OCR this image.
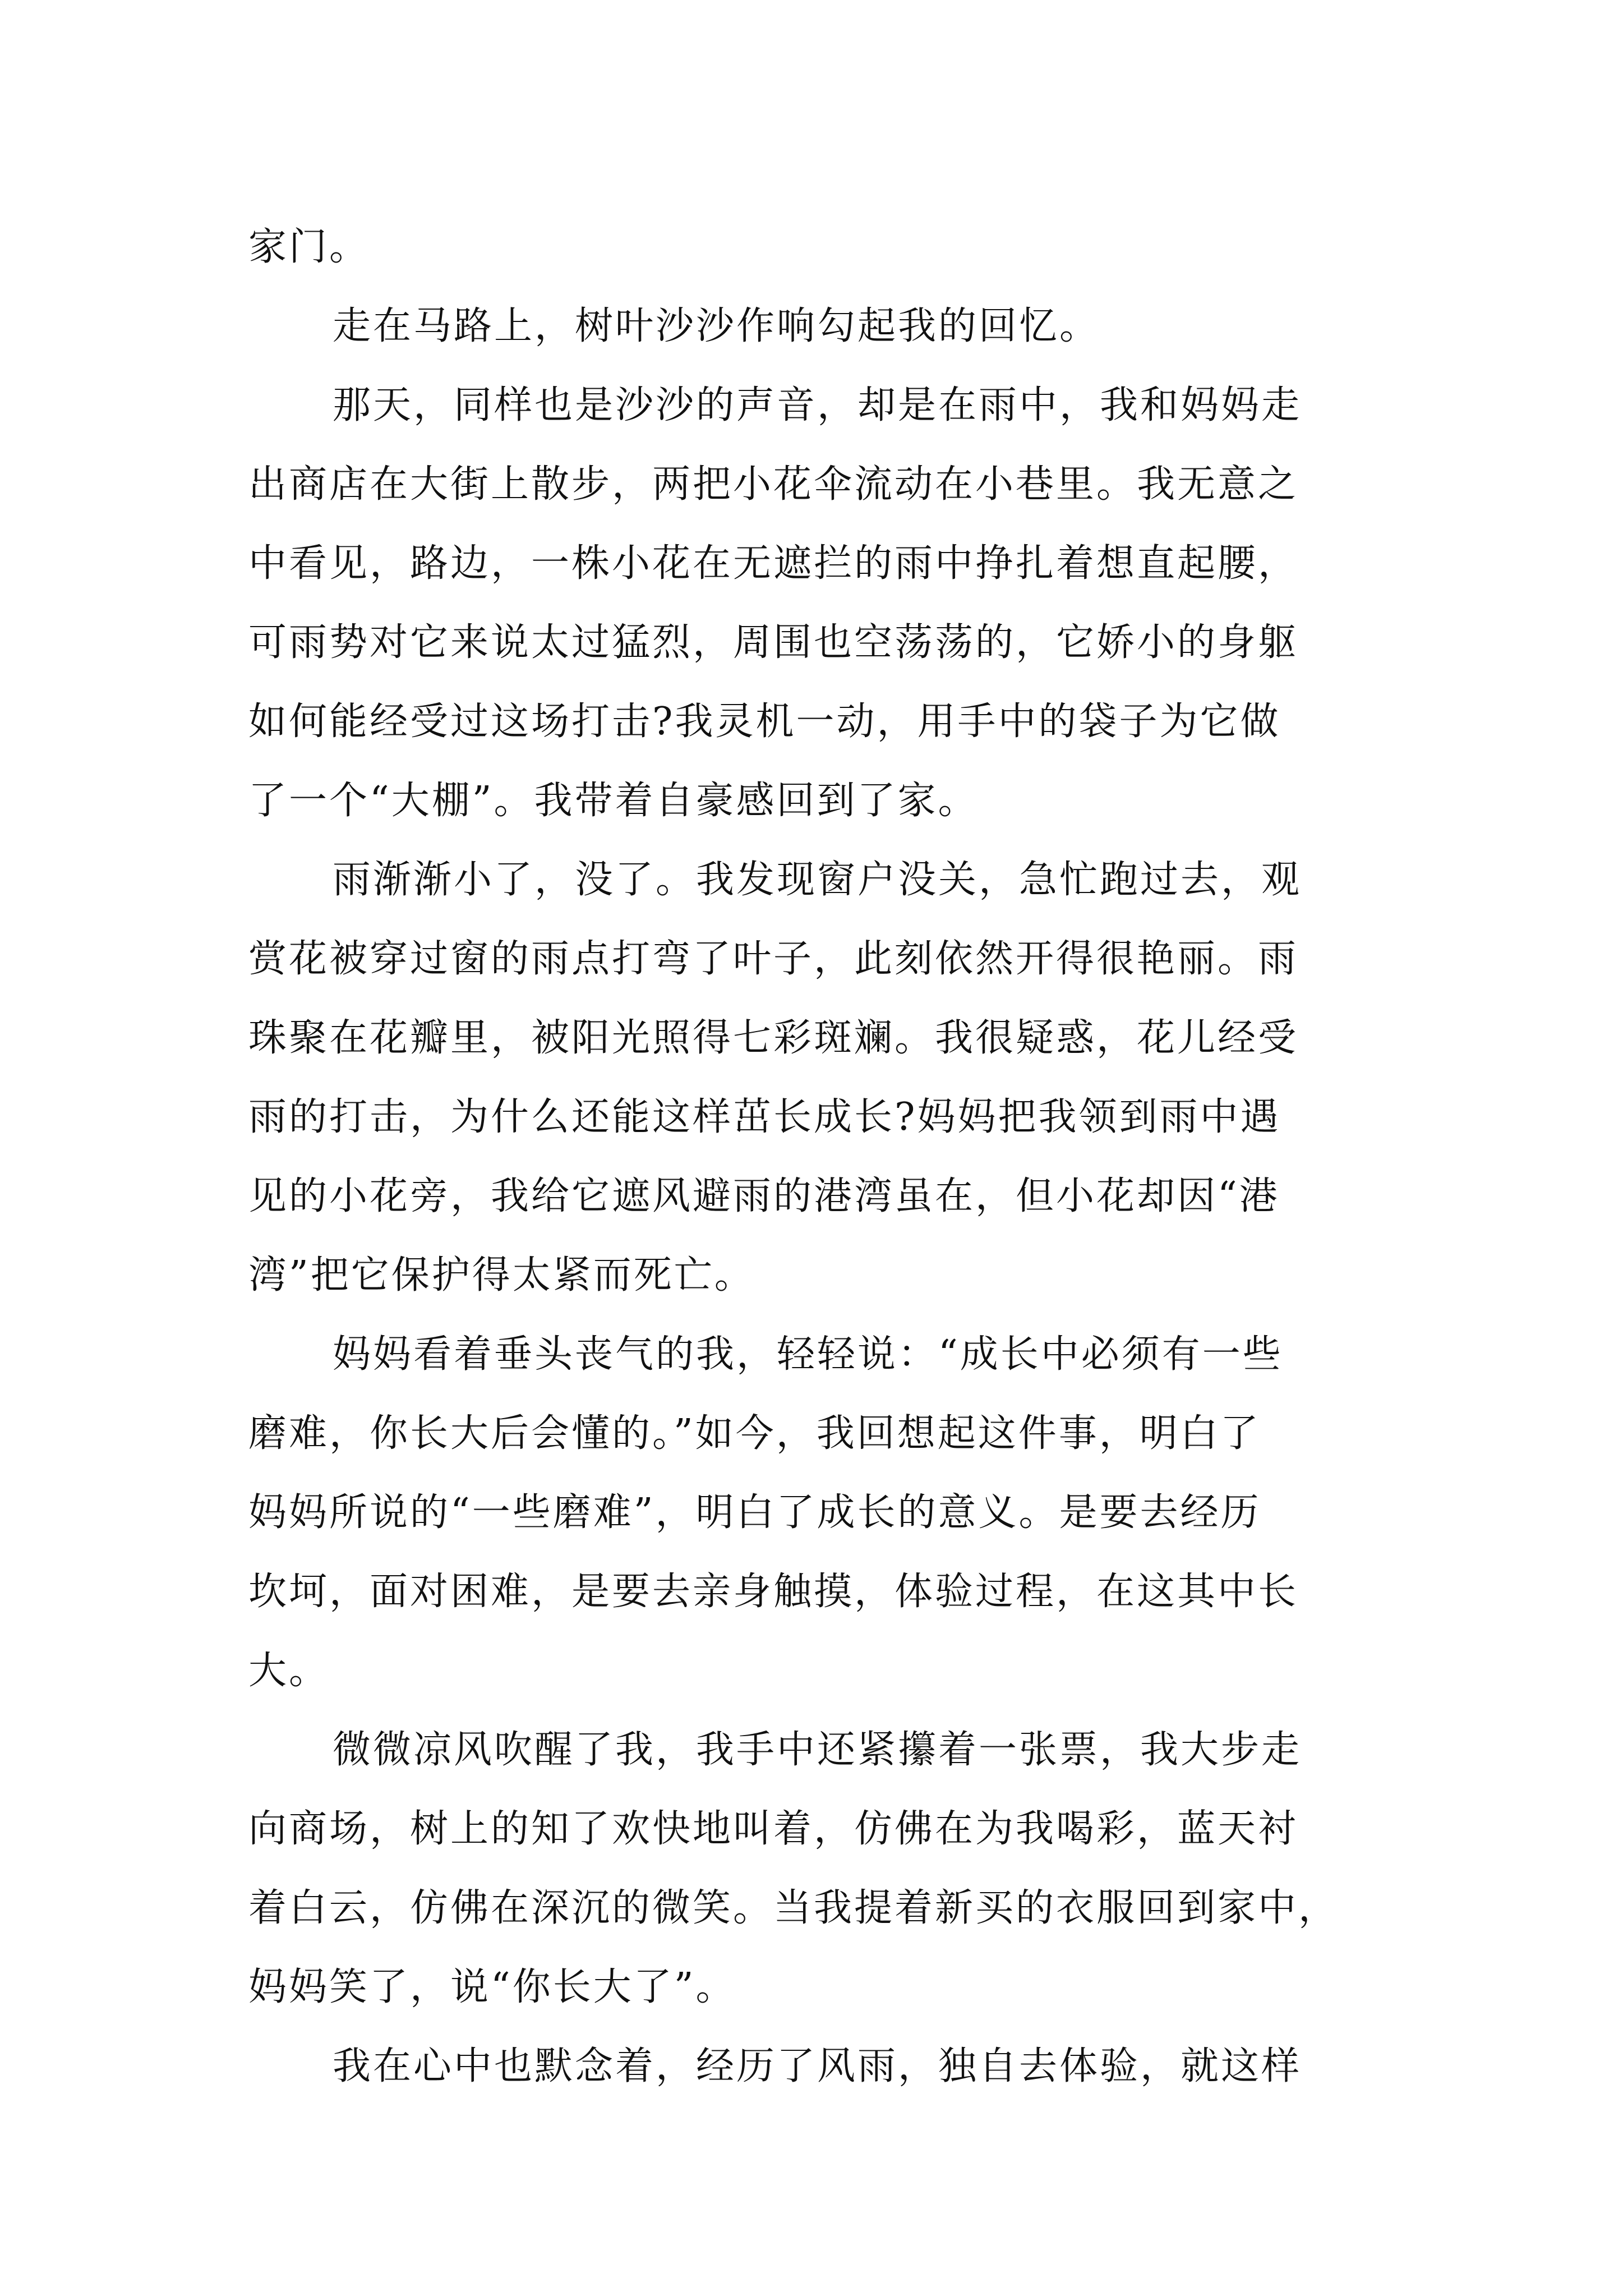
家门。
走在马路上，树叶沙沙作响勾起我的回忆。
那天，同样也是沙沙的声音，却是在雨中，我和妈妈走
出商店在大街上散步，两把小花伞流动在小巷里。我无意之
中看见，路边，一株小花在无遮拦的雨中挣扎着想直起腰，
可雨势对它来说太过猛烈，周围也空荡荡的，它娇小的身躯
如何能经受过这场打击?我灵机一动，用手中的袋子为它做
了一个“大棚”。我带着自豪感回到了家。
雨渐渐小了，没了。我发现窗户没关，急忙跑过去，观
赏花被穿过窗的雨点打弯了叶子，此刻依然开得很艳丽。雨
珠聚在花瓣里，被阳光照得七彩斑斓。我很疑惑，花儿经受
雨的打击，为什么还能这样茁长成长?妈妈把我领到雨中遇
见的小花旁，我给它遮风避雨的港湾虽在，但小花却因“港
湾”把它保护得太紧而死亡。
妈妈看着垂头丧气的我，轻轻说：“成长中必须有一些
磨难，你长大后会懂的。”如今，我回想起这件事，明白了
妈妈所说的“一些磨难”，明白了成长的意义。是要去经历
坎坷，面对困难，是要去亲身触摸，体验过程，在这其中长
大。
微微凉风吹醒了我，我手中还紧攥着一张票，我大步走
向商场，树上的知了欢快地叫着，仿佛在为我喝彩，蓝天衬
着白云，仿佛在深沉的微笑。当我提着新买的衣服回到家中，
妈妈笑了，说“你长大了”。
我在心中也默念着，经历了风雨，独自去体验，就这样
